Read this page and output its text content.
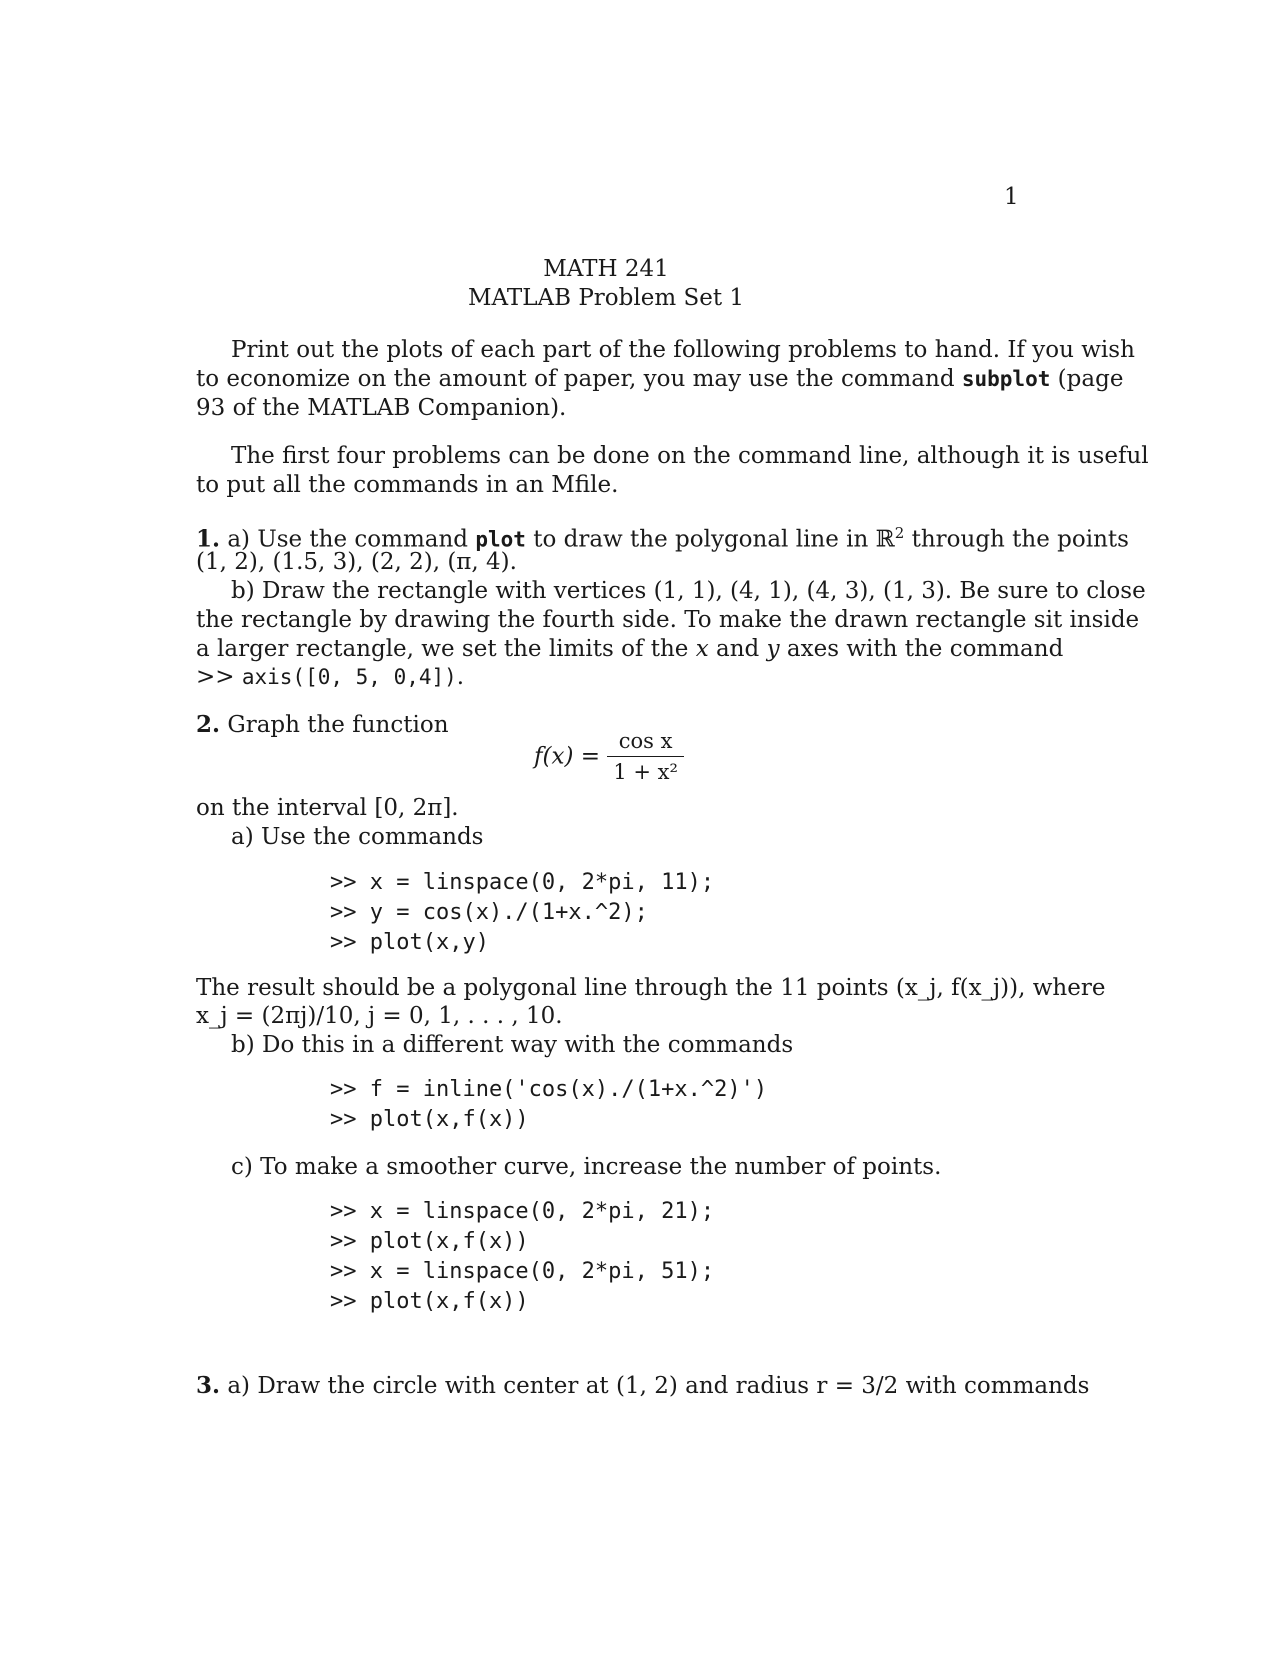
1
MATH 241
MATLAB Problem Set 1
Print out the plots of each part of the following problems to hand. If you wish
to economize on the amount of paper, you may use the command subplot (page
93 of the MATLAB Companion).
The first four problems can be done on the command line, although it is useful
to put all the commands in an Mfile.
1. a) Use the command plot to draw the polygonal line in ℝ$^2$ through the points
(1, 2), (1.5, 3), (2, 2), (π, 4).
b) Draw the rectangle with vertices (1, 1), (4, 1), (4, 3), (1, 3). Be sure to close
the rectangle by drawing the fourth side. To make the drawn rectangle sit inside
a larger rectangle, we set the limits of the x and y axes with the command
>> axis([0, 5, 0,4]).
2. Graph the function
$f(x) = \frac{\text{cos x}}{\text{1 + x²}}$
on the interval [0, 2π].
a) Use the commands
>> x = linspace(0, 2*pi, 11);
>> y = cos(x)./(1+x.^2);
>> plot(x,y)
The result should be a polygonal line through the 11 points (x_j, f(x_j)), where
x_j = (2πj)/10, j = 0, 1, . . . , 10.
b) Do this in a different way with the commands
>> f = inline('cos(x)./(1+x.^2)')
>> plot(x,f(x))
c) To make a smoother curve, increase the number of points.
>> x = linspace(0, 2*pi, 21);
>> plot(x,f(x))
>> x = linspace(0, 2*pi, 51);
>> plot(x,f(x))
3. a) Draw the circle with center at (1, 2) and radius r = 3/2 with commands
